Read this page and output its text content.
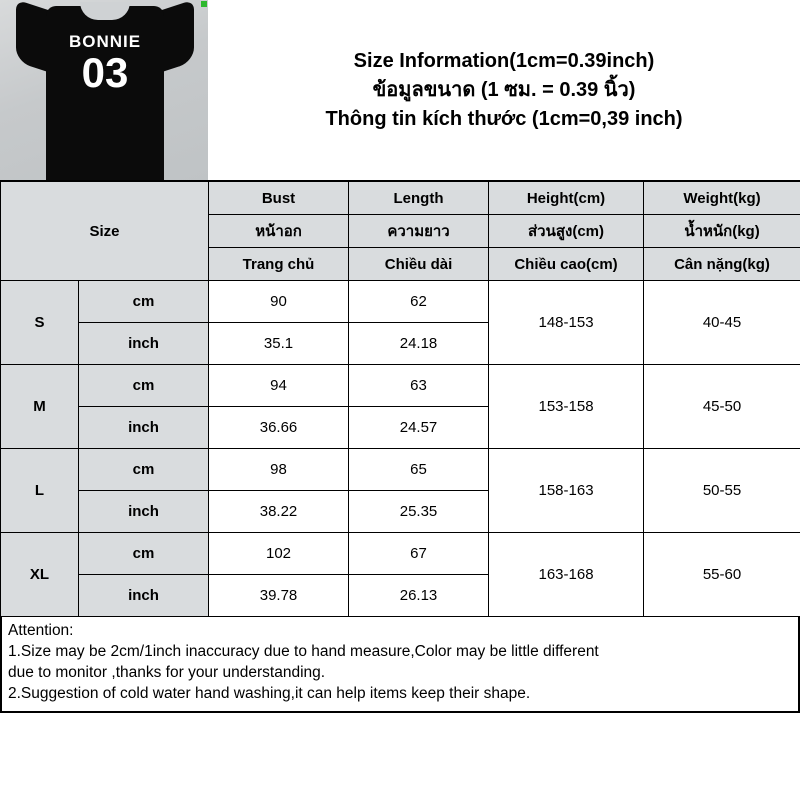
BONNIE
03	Size Information(1cm=0.39inch)
ข้อมูลขนาด (1 ซม. = 0.39 นิ้ว)
Thông tin kích thước (1cm=0,39 inch)
Size		Bust	Length	Height(cm)	Weight(kg)
		หน้าอก	ความยาว	ส่วนสูง(cm)	น้ำหนัก(kg)
		Trang chủ	Chiều dài	Chiều cao(cm)	Cân nặng(kg)
S	cm	90	62	148-153	40-45
	inch	35.1	24.18		
M	cm	94	63	153-158	45-50
	inch	36.66	24.57		
L	cm	98	65	158-163	50-55
	inch	38.22	25.35		
XL	cm	102	67	163-168	55-60
	inch	39.78	26.13		

Attention:

1.Size may be 2cm/1inch inaccuracy due to hand measure,Color may be little different

due to monitor ,thanks for your understanding.

2.Suggestion of cold water hand washing,it can help items keep their shape.
